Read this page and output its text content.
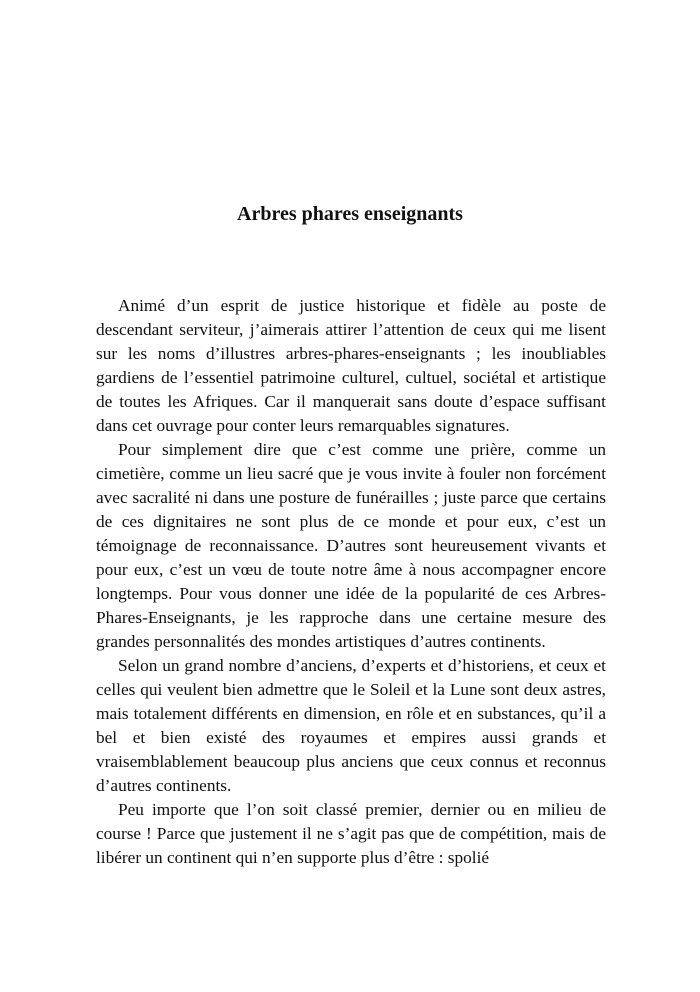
Arbres phares enseignants

Animé d’un esprit de justice historique et fidèle au poste de descendant serviteur, j’aimerais attirer l’attention de ceux qui me lisent sur les noms d’illustres arbres-phares-enseignants ; les inoubliables gardiens de l’essentiel patrimoine culturel, cultuel, sociétal et artistique de toutes les Afriques. Car il manquerait sans doute d’espace suffisant dans cet ouvrage pour conter leurs remarquables signatures.

Pour simplement dire que c’est comme une prière, comme un cimetière, comme un lieu sacré que je vous invite à fouler non forcément avec sacralité ni dans une posture de funérailles ; juste parce que certains de ces dignitaires ne sont plus de ce monde et pour eux, c’est un témoignage de reconnaissance. D’autres sont heureusement vivants et pour eux, c’est un vœu de toute notre âme à nous accompagner encore longtemps. Pour vous donner une idée de la popularité de ces Arbres-Phares-Enseignants, je les rapproche dans une certaine mesure des grandes personnalités des mondes artistiques d’autres continents.

Selon un grand nombre d’anciens, d’experts et d’historiens, et ceux et celles qui veulent bien admettre que le Soleil et la Lune sont deux astres, mais totalement différents en dimension, en rôle et en substances, qu’il a bel et bien existé des royaumes et empires aussi grands et vraisemblablement beaucoup plus anciens que ceux connus et reconnus d’autres continents.

Peu importe que l’on soit classé premier, dernier ou en milieu de course ! Parce que justement il ne s’agit pas que de compétition, mais de libérer un continent qui n’en supporte plus d’être : spolié
